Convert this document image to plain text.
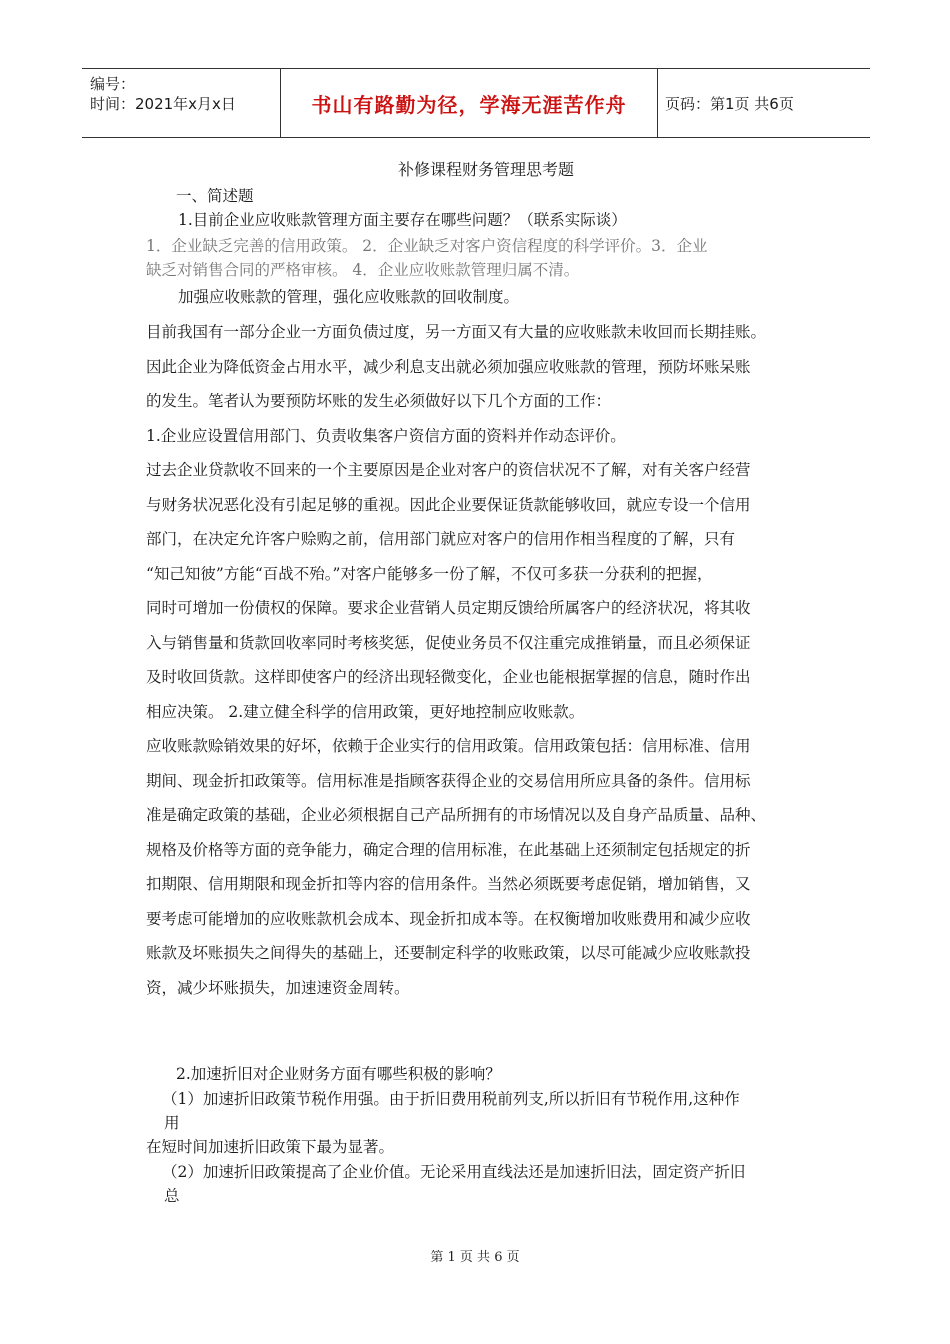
编号：
时间：2021年x月x日	书山有路勤为径，学海无涯苦作舟	页码：第1页 共6页
补修课程财务管理思考题
一、简述题
1.目前企业应收账款管理方面主要存在哪些问题？（联系实际谈）
1．企业缺乏完善的信用政策。 2．企业缺乏对客户资信程度的科学评价。3．企业
缺乏对销售合同的严格审核。 4．企业应收账款管理归属不清。
加强应收账款的管理，强化应收账款的回收制度。
目前我国有一部分企业一方面负债过度，另一方面又有大量的应收账款未收回而长期挂账。
因此企业为降低资金占用水平，减少利息支出就必须加强应收账款的管理，预防坏账呆账
的发生。笔者认为要预防坏账的发生必须做好以下几个方面的工作：
1.企业应设置信用部门、负责收集客户资信方面的资料并作动态评价。
过去企业贷款收不回来的一个主要原因是企业对客户的资信状况不了解，对有关客户经营
与财务状况恶化没有引起足够的重视。因此企业要保证货款能够收回，就应专设一个信用
部门，在决定允许客户赊购之前，信用部门就应对客户的信用作相当程度的了解，只有
“知己知彼”方能“百战不殆。”对客户能够多一份了解，不仅可多获一分获利的把握，
同时可增加一份债权的保障。要求企业营销人员定期反馈给所属客户的经济状况，将其收
入与销售量和货款回收率同时考核奖惩，促使业务员不仅注重完成推销量，而且必须保证
及时收回货款。这样即使客户的经济出现轻微变化，企业也能根据掌握的信息，随时作出
相应决策。 2.建立健全科学的信用政策，更好地控制应收账款。
应收账款赊销效果的好坏，依赖于企业实行的信用政策。信用政策包括：信用标准、信用
期间、现金折扣政策等。信用标准是指顾客获得企业的交易信用所应具备的条件。信用标
准是确定政策的基础，企业必须根据自己产品所拥有的市场情况以及自身产品质量、品种、
规格及价格等方面的竞争能力，确定合理的信用标准，在此基础上还须制定包括规定的折
扣期限、信用期限和现金折扣等内容的信用条件。当然必须既要考虑促销，增加销售，又
要考虑可能增加的应收账款机会成本、现金折扣成本等。在权衡增加收账费用和减少应收
账款及坏账损失之间得失的基础上，还要制定科学的收账政策，以尽可能减少应收账款投
资，减少坏账损失，加速速资金周转。
2.加速折旧对企业财务方面有哪些积极的影响？
（1）加速折旧政策节税作用强。由于折旧费用税前列支,所以折旧有节税作用,这种作
用
在短时间加速折旧政策下最为显著。
（2）加速折旧政策提高了企业价值。无论采用直线法还是加速折旧法，固定资产折旧
总
第 1 页 共 6 页
